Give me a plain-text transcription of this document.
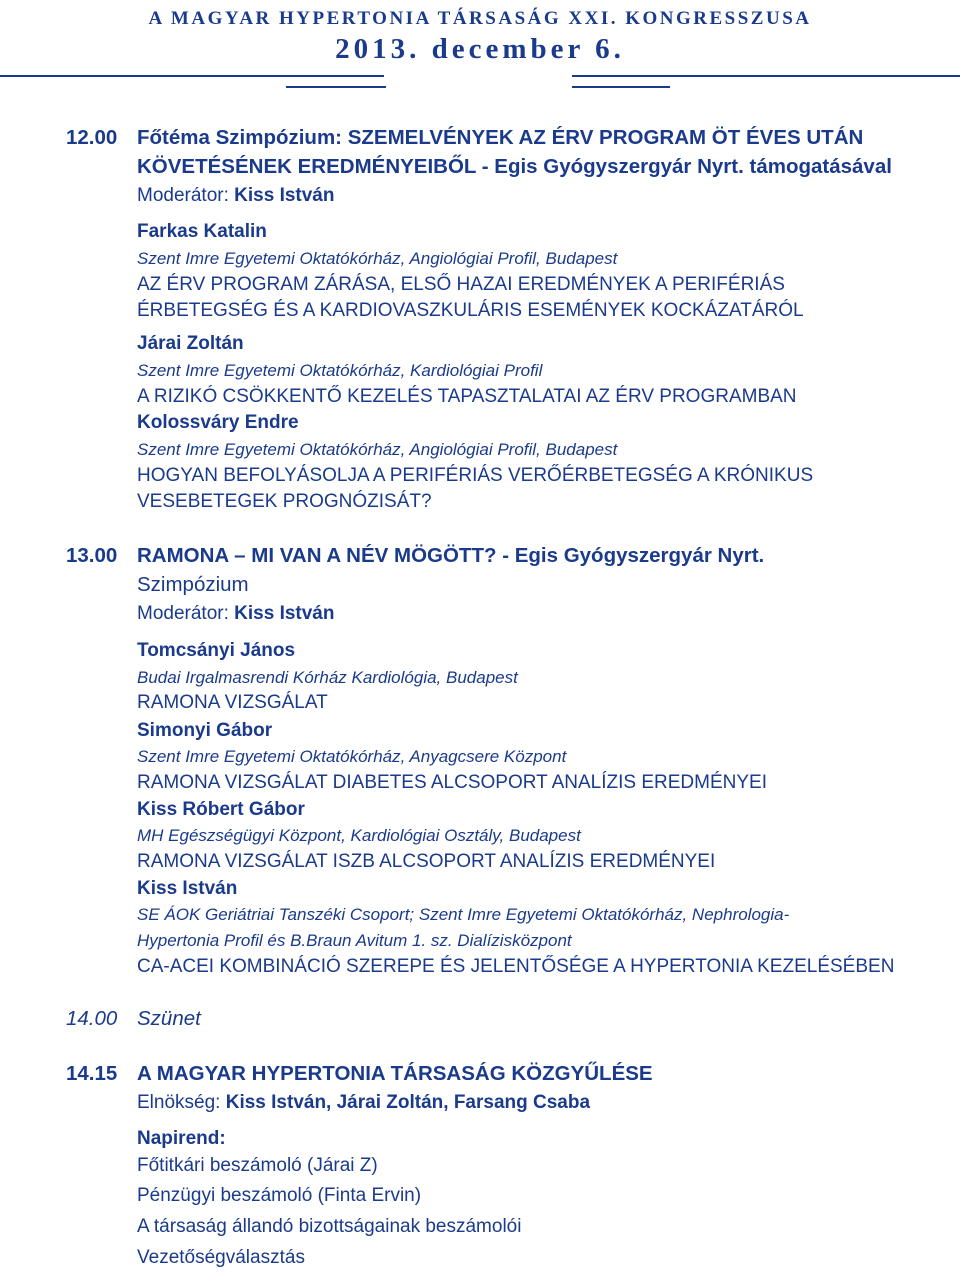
A MAGYAR HYPERTONIA TÁRSASÁG XXI. KONGRESSZUSA
2013. december 6.
12.00 Főtéma Szimpózium: SZEMELVÉNYEK AZ ÉRV PROGRAM ÖT ÉVES UTÁN
KÖVETÉSÉNEK EREDMÉNYEIBŐL - Egis Gyógyszergyár Nyrt. támogatásával
Moderátor: Kiss István
Farkas Katalin
Szent Imre Egyetemi Oktatókórház, Angiológiai Profil, Budapest
AZ ÉRV PROGRAM ZÁRÁSA, ELSŐ HAZAI EREDMÉNYEK A PERIFÉRIÁS
ÉRBETEGSÉG ÉS A KARDIOVASZKULÁRIS ESEMÉNYEK KOCKÁZATÁRÓL
Járai Zoltán
Szent Imre Egyetemi Oktatókórház, Kardiológiai Profil
A RIZIKÓ CSÖKKENTŐ KEZELÉS TAPASZTALATAI AZ ÉRV PROGRAMBAN
Kolossváry Endre
Szent Imre Egyetemi Oktatókórház, Angiológiai Profil, Budapest
HOGYAN BEFOLYÁSOLJA A PERIFÉRIÁS VERŐÉRBETEGSÉG A KRÓNIKUS
VESEBETEGEK PROGNÓZISÁT?
13.00 RAMONA – MI VAN A NÉV MÖGÖTT? - Egis Gyógyszergyár Nyrt.
Szimpózium
Moderátor: Kiss István
Tomcsányi János
Budai Irgalmasrendi Kórház Kardiológia, Budapest
RAMONA VIZSGÁLAT
Simonyi Gábor
Szent Imre Egyetemi Oktatókórház, Anyagcsere Központ
RAMONA VIZSGÁLAT DIABETES ALCSOPORT ANALÍZIS EREDMÉNYEI
Kiss Róbert Gábor
MH Egészségügyi Központ, Kardiológiai Osztály, Budapest
RAMONA VIZSGÁLAT ISZB ALCSOPORT ANALÍZIS EREDMÉNYEI
Kiss István
SE ÁOK Geriátriai Tanszéki Csoport; Szent Imre Egyetemi Oktatókórház, Nephrologia-
Hypertonia Profil és B.Braun Avitum 1. sz. Dialízisközpont
CA-ACEI KOMBINÁCIÓ SZEREPE ÉS JELENTŐSÉGE A HYPERTONIA KEZELÉSÉBEN
14.00 Szünet
14.15 A MAGYAR HYPERTONIA TÁRSASÁG KÖZGYŰLÉSE
Elnökség: Kiss István, Járai Zoltán, Farsang Csaba
Napirend:
Főtitkári beszámoló (Járai Z)
Pénzügyi beszámoló (Finta Ervin)
A társaság állandó bizottságainak beszámolói
Vezetőségválasztás
